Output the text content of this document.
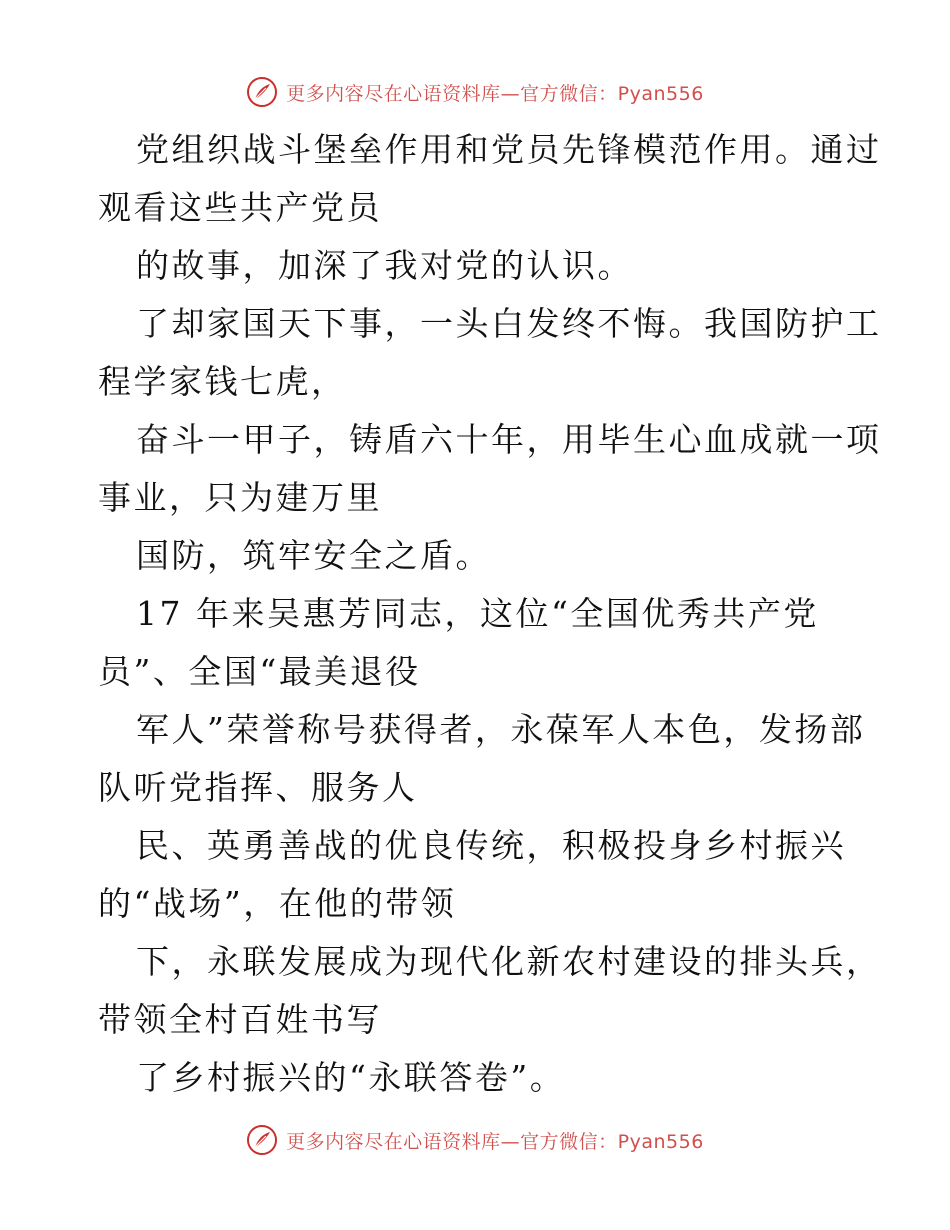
更多内容尽在心语资料库—官方微信：Pyan556
党组织战斗堡垒作用和党员先锋模范作用。通过
观看这些共产党员
的故事，加深了我对党的认识。
了却家国天下事，一头白发终不悔。我国防护工
程学家钱七虎，
奋斗一甲子，铸盾六十年，用毕生心血成就一项
事业，只为建万里
国防，筑牢安全之盾。
17 年来吴惠芳同志，这位“全国优秀共产党
员”、全国“最美退役
军人”荣誉称号获得者，永葆军人本色，发扬部
队听党指挥、服务人
民、英勇善战的优良传统，积极投身乡村振兴
的“战场”，在他的带领
下，永联发展成为现代化新农村建设的排头兵，
带领全村百姓书写
了乡村振兴的“永联答卷”。
更多内容尽在心语资料库—官方微信：Pyan556
